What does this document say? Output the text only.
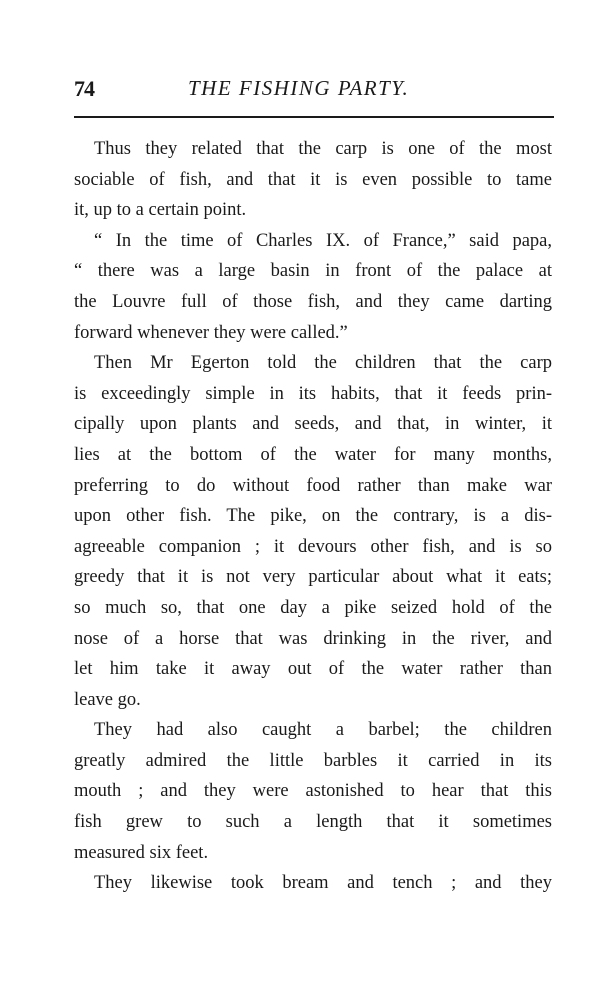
74	THE FISHING PARTY.
Thus they related that the carp is one of the most
sociable of fish, and that it is even possible to tame
it, up to a certain point.
“ In the time of Charles IX. of France,” said papa,
“ there was a large basin in front of the palace at
the Louvre full of those fish, and they came darting
forward whenever they were called.”
Then Mr Egerton told the children that the carp
is exceedingly simple in its habits, that it feeds prin-
cipally upon plants and seeds, and that, in winter, it
lies at the bottom of the water for many months,
preferring to do without food rather than make war
upon other fish. The pike, on the contrary, is a dis-
agreeable companion ; it devours other fish, and is so
greedy that it is not very particular about what it eats;
so much so, that one day a pike seized hold of the
nose of a horse that was drinking in the river, and
let him take it away out of the water rather than
leave go.
They had also caught a barbel; the children
greatly admired the little barbles it carried in its
mouth ; and they were astonished to hear that this
fish grew to such a length that it sometimes
measured six feet.
They likewise took bream and tench ; and they
